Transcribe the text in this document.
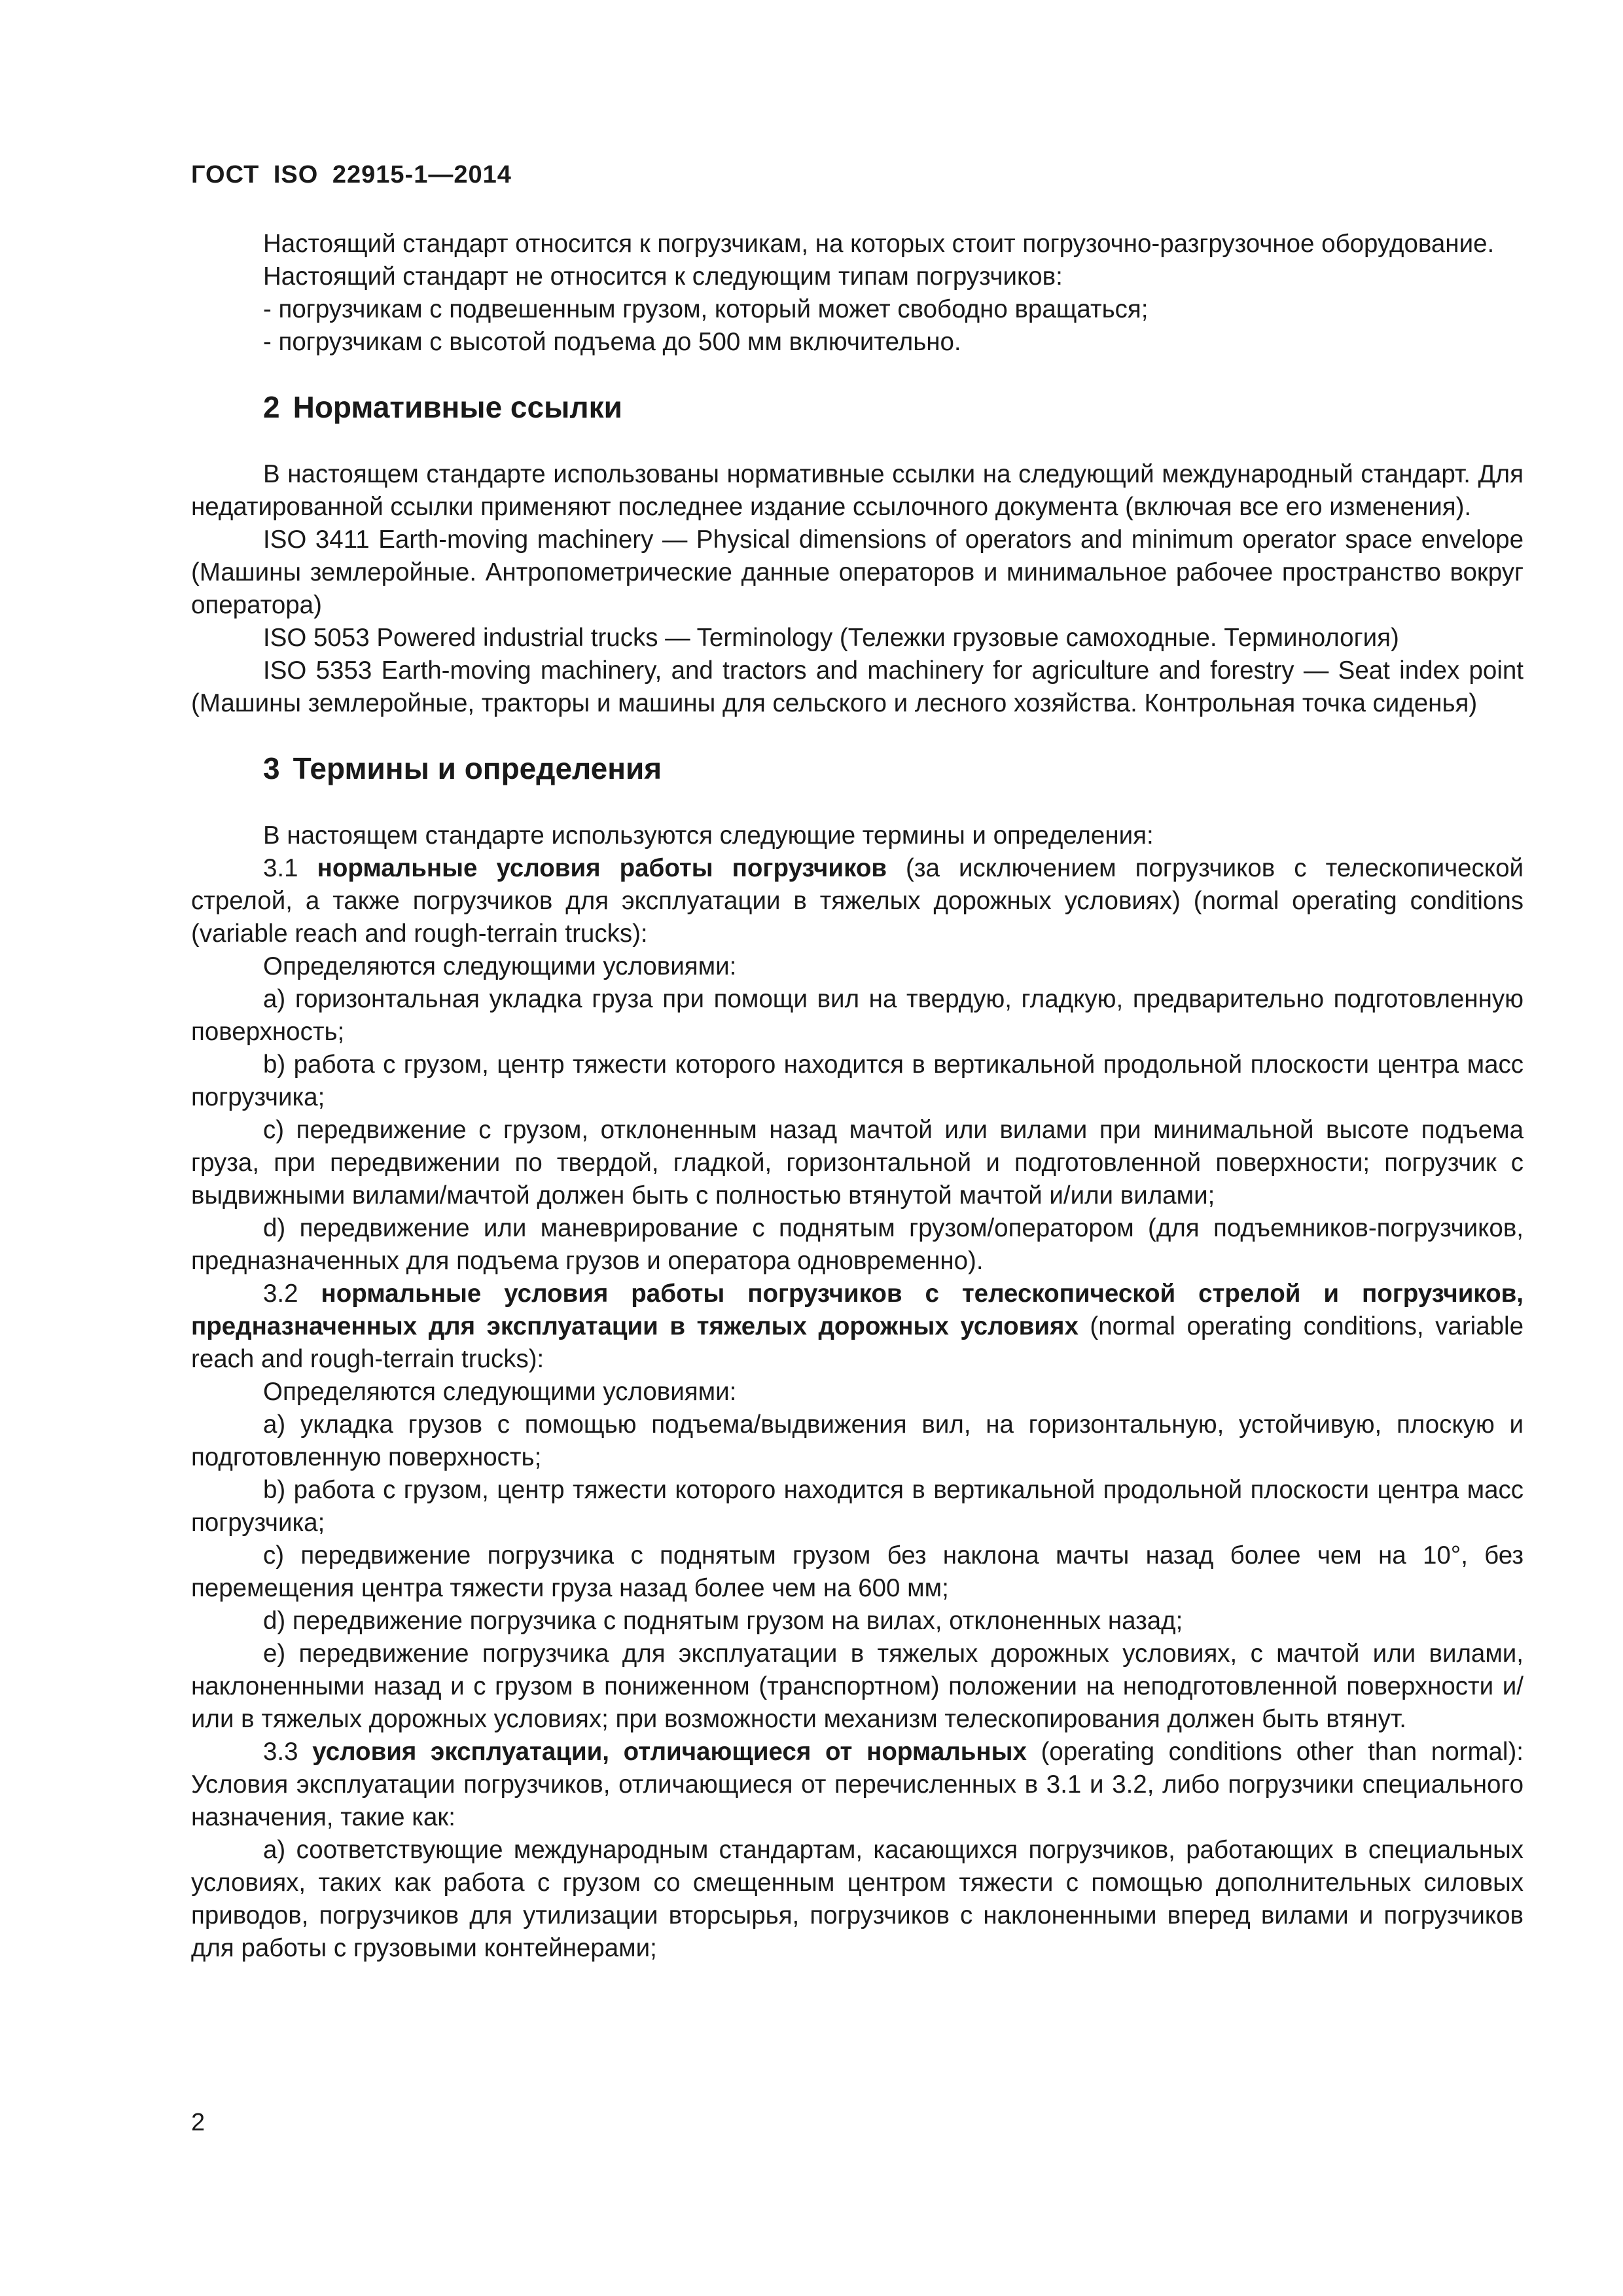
ГОСТ ISO 22915-1—2014

Настоящий стандарт относится к погрузчикам, на которых стоит погрузочно-разгрузочное оборудование.

Настоящий стандарт не относится к следующим типам погрузчиков:

- погрузчикам с подвешенным грузом, который может свободно вращаться;

- погрузчикам с высотой подъема до 500 мм включительно.

2 Нормативные ссылки

В настоящем стандарте использованы нормативные ссылки на следующий международный стандарт. Для недатированной ссылки применяют последнее издание ссылочного документа (включая все его изменения).

ISO 3411 Earth-moving machinery — Physical dimensions of operators and minimum operator space envelope (Машины землеройные. Антропометрические данные операторов и минимальное рабочее пространство вокруг оператора)

ISO 5053 Powered industrial trucks — Terminology (Тележки грузовые самоходные. Терминология)

ISO 5353 Earth-moving machinery, and tractors and machinery for agriculture and forestry — Seat index point (Машины землеройные, тракторы и машины для сельского и лесного хозяйства. Контрольная точка сиденья)

3 Термины и определения

В настоящем стандарте используются следующие термины и определения:

3.1 нормальные условия работы погрузчиков (за исключением погрузчиков с телескопической стрелой, а также погрузчиков для эксплуатации в тяжелых дорожных условиях) (normal operating conditions (variable reach and rough-terrain trucks):

Определяются следующими условиями:

а) горизонтальная укладка груза при помощи вил на твердую, гладкую, предварительно подготовленную поверхность;

b) работа с грузом, центр тяжести которого находится в вертикальной продольной плоскости центра масс погрузчика;

с) передвижение с грузом, отклоненным назад мачтой или вилами при минимальной высоте подъема груза, при передвижении по твердой, гладкой, горизонтальной и подготовленной поверхности; погрузчик с выдвижными вилами/мачтой должен быть с полностью втянутой мачтой и/или вилами;

d) передвижение или маневрирование с поднятым грузом/оператором (для подъемников-погрузчиков, предназначенных для подъема грузов и оператора одновременно).

3.2 нормальные условия работы погрузчиков с телескопической стрелой и погрузчиков, предназначенных для эксплуатации в тяжелых дорожных условиях (normal operating conditions, variable reach and rough-terrain trucks):

Определяются следующими условиями:

а) укладка грузов с помощью подъема/выдвижения вил, на горизонтальную, устойчивую, плоскую и подготовленную поверхность;

b) работа с грузом, центр тяжести которого находится в вертикальной продольной плоскости центра масс погрузчика;

с) передвижение погрузчика с поднятым грузом без наклона мачты назад более чем на 10°, без перемещения центра тяжести груза назад более чем на 600 мм;

d) передвижение погрузчика с поднятым грузом на вилах, отклоненных назад;

е) передвижение погрузчика для эксплуатации в тяжелых дорожных условиях, с мачтой или вилами, наклоненными назад и с грузом в пониженном (транспортном) положении на неподготовленной поверхности и/или в тяжелых дорожных условиях; при возможности механизм телескопирования должен быть втянут.

3.3 условия эксплуатации, отличающиеся от нормальных (operating conditions other than normal): Условия эксплуатации погрузчиков, отличающиеся от перечисленных в 3.1 и 3.2, либо погрузчики специального назначения, такие как:

а) соответствующие международным стандартам, касающихся погрузчиков, работающих в специальных условиях, таких как работа с грузом со смещенным центром тяжести с помощью дополнительных силовых приводов, погрузчиков для утилизации вторсырья, погрузчиков с наклоненными вперед вилами и погрузчиков для работы с грузовыми контейнерами;

2
